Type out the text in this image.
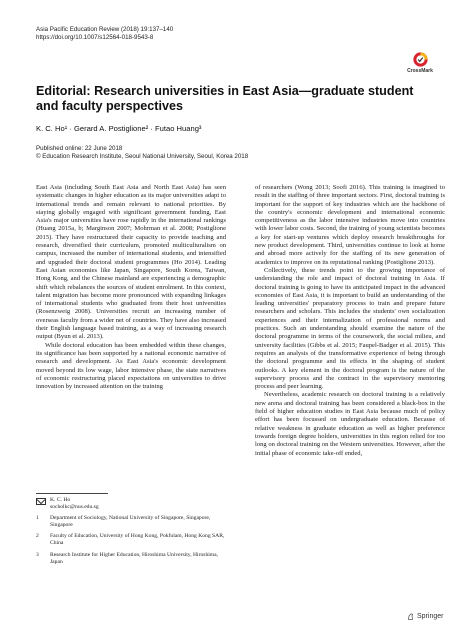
Asia Pacific Education Review (2018) 19:137–140
https://doi.org/10.1007/s12564-018-9543-8
CrossMark
Editorial: Research universities in East Asia—graduate student
and faculty perspectives
K. C. Ho¹ · Gerard A. Postiglione² · Futao Huang³
Published online: 22 June 2018
© Education Research Institute, Seoul National University, Seoul, Korea 2018

East Asia (including South East Asia and North East Asia) has seen systematic changes in higher education as its major universities adapt to international trends and remain relevant to national priorities. By staying globally engaged with significant government funding, East Asia's major universities have rose rapidly in the international rankings (Huang 2015a, b; Marginson 2007; Mohrman et al. 2008; Postiglione 2015). They have restructured their capacity to provide teaching and research, diversified their curriculum, promoted multiculturalism on campus, increased the number of international students, and intensified and upgraded their doctoral student programmes (Ho 2014). Leading East Asian economies like Japan, Singapore, South Korea, Taiwan, Hong Kong, and the Chinese mainland are experiencing a demographic shift which rebalances the sources of student enrolment. In this context, talent migration has become more pronounced with expanding linkages of international students who graduated from their host universities (Rosenzweig 2008). Universities recruit an increasing number of overseas faculty from a wider net of countries. They have also increased their English language based training, as a way of increasing research output (Byun et al. 2013).

While doctoral education has been embedded within these changes, its significance has been supported by a national economic narrative of research and development. As East Asia's economic development moved beyond its low wage, labor intensive phase, the state narratives of economic restructuring placed expectations on universities to drive innovation by increased attention on the training

of researchers (Wong 2013; Soofi 2016). This training is imagined to result in the staffing of three important sectors. First, doctoral training is important for the support of key industries which are the backbone of the country's economic development and international economic competitiveness as the labor intensive industries move into countries with lower labor costs. Second, the training of young scientists becomes a key for start-up ventures which deploy research breakthroughs for new product development. Third, universities continue to look at home and abroad more actively for the staffing of its new generation of academics to improve on its reputational ranking (Postiglione 2013).

Collectively, these trends point to the growing importance of understanding the role and impact of doctoral training in Asia. If doctoral training is going to have its anticipated impact in the advanced economies of East Asia, it is important to build an understanding of the leading universities' preparatory process to train and prepare future researchers and scholars. This includes the students' own socialization experiences and their internalization of professional norms and practices. Such an understanding should examine the nature of the doctoral programme in terms of the coursework, the social milieu, and university facilities (Gibbs et al. 2015; Faupel-Badger et al. 2015). This requires an analysis of the transformative experience of being through the doctoral programme and its effects in the shaping of student outlooks. A key element in the doctoral program is the nature of the supervisory process and the contract in the supervisory mentoring process and peer learning.

Nevertheless, academic research on doctoral training is a relatively new arena and doctoral training has been considered a black-box in the field of higher education studies in East Asia because much of policy effort has been focussed on undergraduate education. Because of relative weakness in graduate education as well as higher preference towards foreign degree holders, universities in this region relied for too long on doctoral training on the Western universities. However, after the initial phase of economic take-off ended,

K. C. Ho
socholkc@nus.edu.sg
1	Department of Sociology, National University of Singapore, Singapore, Singapore
2	Faculty of Education, University of Hong Kong, Pokfulam, Hong Kong SAR, China
3	Research Institute for Higher Education, Hiroshima University, Hiroshima, Japan
Springer
